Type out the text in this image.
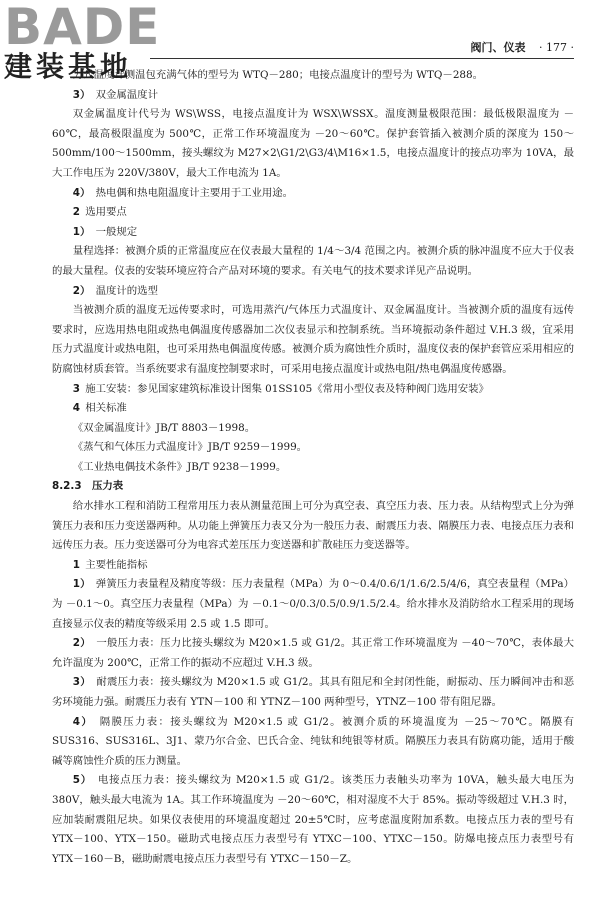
BADE
建装基地
阀门、仪表 · 177 ·

力式温度计测温包充满气体的型号为 WTQ－280；电接点温度计的型号为 WTQ－288。

3）  双金属温度计

双金属温度计代号为 WS\WSS，电接点温度计为 WSX\WSSX。温度测量极限范围：最低极限温度为 －60℃，最高极限温度为 500℃，正常工作环境温度为 －20～60℃。保护套管插入被测介质的深度为 150～500mm/100～1500mm，接头螺纹为 M27×2\G1/2\G3/4\M16×1.5，电接点温度计的接点功率为 10VA，最大工作电压为 220V/380V，最大工作电流为 1A。

4）  热电偶和热电阻温度计主要用于工业用途。

2  选用要点

1）  一般规定

量程选择：被测介质的正常温度应在仪表最大量程的 1/4～3/4 范围之内。被测介质的脉冲温度不应大于仪表的最大量程。仪表的安装环境应符合产品对环境的要求。有关电气的技术要求详见产品说明。

2）  温度计的选型

当被测介质的温度无远传要求时，可选用蒸汽/气体压力式温度计、双金属温度计。当被测介质的温度有远传要求时，应选用热电阻或热电偶温度传感器加二次仪表显示和控制系统。当环境振动条件超过 V.H.3 级，宜采用压力式温度计或热电阻，也可采用热电偶温度传感。被测介质为腐蚀性介质时，温度仪表的保护套管应采用相应的防腐蚀材质套管。当系统要求有温度控制要求时，可采用电接点温度计或热电阻/热电偶温度传感器。

3  施工安装：参见国家建筑标准设计图集 01SS105《常用小型仪表及特种阀门选用安装》

4  相关标准

《双金属温度计》JB/T 8803－1998。

《蒸气和气体压力式温度计》JB/T 9259－1999。

《工业热电偶技术条件》JB/T 9238－1999。

8.2.3  压力表

给水排水工程和消防工程常用压力表从测量范围上可分为真空表、真空压力表、压力表。从结构型式上分为弹簧压力表和压力变送器两种。从功能上弹簧压力表又分为一般压力表、耐震压力表、隔膜压力表、电接点压力表和远传压力表。压力变送器可分为电容式差压压力变送器和扩散硅压力变送器等。

1  主要性能指标

1）  弹簧压力表量程及精度等级：压力表量程（MPa）为 0～0.4/0.6/1/1.6/2.5/4/6，真空表量程（MPa）为 －0.1～0。真空压力表量程（MPa）为 －0.1～0/0.3/0.5/0.9/1.5/2.4。给水排水及消防给水工程采用的现场直接显示仪表的精度等级采用 2.5 或 1.5 即可。

2）  一般压力表：压力比接头螺纹为 M20×1.5 或 G1/2。其正常工作环境温度为 －40～70℃，表体最大允许温度为 200℃，正常工作的振动不应超过 V.H.3 级。

3）  耐震压力表：接头螺纹为 M20×1.5 或 G1/2。其具有阻尼和全封闭性能，耐振动、压力瞬间冲击和恶劣环境能力强。耐震压力表有 YTN－100 和 YTNZ－100 两种型号，YTNZ－100 带有阻尼器。

4）  隔膜压力表：接头螺纹为 M20×1.5 或 G1/2。被测介质的环境温度为 －25～70℃。隔膜有 SUS316、SUS316L、3J1、蒙乃尔合金、巴氏合金、纯钛和纯银等材质。隔膜压力表具有防腐功能，适用于酸碱等腐蚀性介质的压力测量。

5）  电接点压力表：接头螺纹为 M20×1.5 或 G1/2。该类压力表触头功率为 10VA，触头最大电压为 380V，触头最大电流为 1A。其工作环境温度为 －20～60℃，相对湿度不大于 85%。振动等级超过 V.H.3 时，应加装耐震阻尼块。如果仪表使用的环境温度超过 20±5℃时，应考虑温度附加系数。电接点压力表的型号有 YTX－100、YTX－150。磁助式电接点压力表型号有 YTXC－100、YTXC－150。防爆电接点压力表型号有 YTX－160－B，磁助耐震电接点压力表型号有 YTXC－150－Z。
